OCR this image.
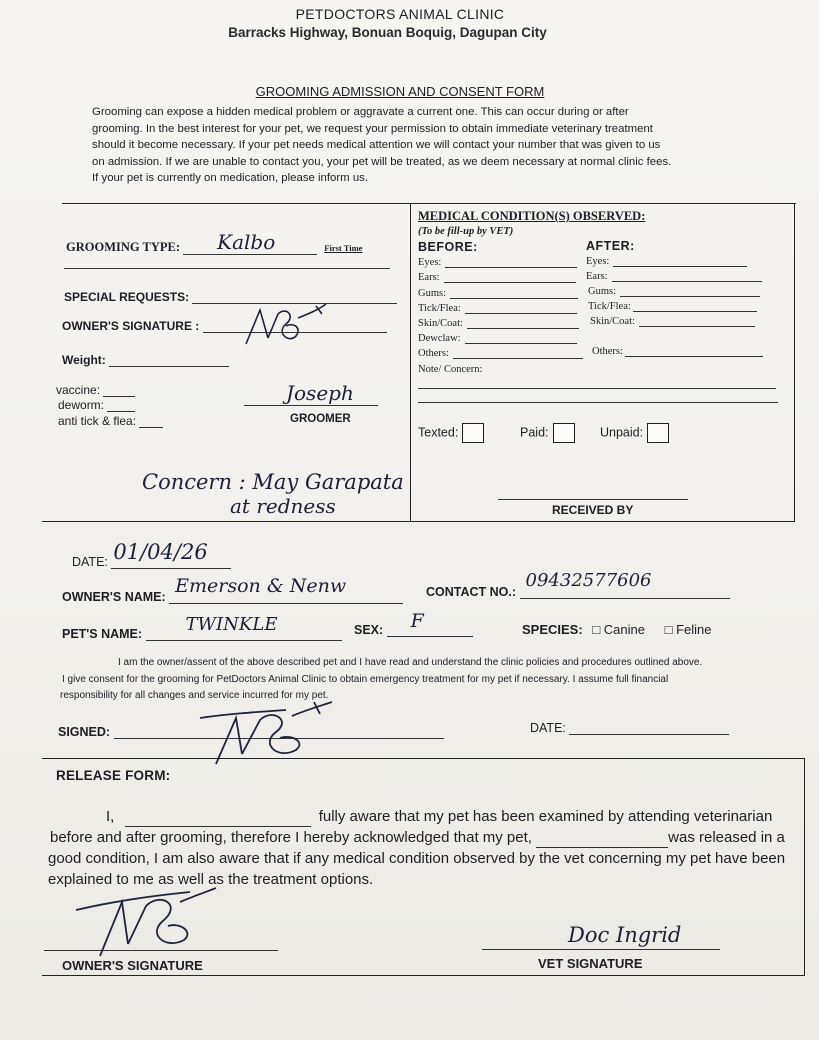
PETDOCTORS ANIMAL CLINIC
Barracks Highway, Bonuan Boquig, Dagupan City
GROOMING ADMISSION AND CONSENT FORM

Grooming can expose a hidden medical problem or aggravate a current one. This can occur during or after

grooming. In the best interest for your pet, we request your permission to obtain immediate veterinary treatment

should it become necessary. If your pet needs medical attention we will contact your number that was given to us

on admission. If we are unable to contact you, your pet will be treated, as we deem necessary at normal clinic fees.

If your pet is currently on medication, please inform us.

GROOMING TYPE: Kalbo	First Time
SPECIAL REQUESTS:
OWNER'S SIGNATURE :
Weight:
vaccine:
deworm:
anti tick & flea:
Joseph
GROOMER
Concern : May Garapata
at redness
MEDICAL CONDITION(S) OBSERVED:
(To be fill-up by VET)
BEFORE:	AFTER:
Eyes:
Ears:
Gums:
Tick/Flea:
Skin/Coat:
Dewclaw:
Others:
Eyes:
Ears:
Gums:
Tick/Flea:
Skin/Coat:
Others:
Note/ Concern:
Texted:	Paid:	Unpaid:
RECEIVED BY
DATE: 01/04/26
OWNER'S NAME: Emerson & Nenw	CONTACT NO.:
09432577606
PET'S NAME: TWINKLE	SEX: F	SPECIES: □ Canine □ Feline
I am the owner/assent of the above described pet and I have read and understand the clinic policies and procedures outlined above.
I give consent for the grooming for PetDoctors Animal Clinic to obtain emergency treatment for my pet if necessary. I assume full financial
responsibility for all changes and service incurred for my pet.
SIGNED:	DATE:
RELEASE FORM:
I,	fully aware that my pet has been examined by attending veterinarian
before and after grooming, therefore I hereby acknowledged that my pet,	was released in a
good condition, I am also aware that if any medical condition observed by the vet concerning my pet have been
explained to me as well as the treatment options.
OWNER'S SIGNATURE
Doc Ingrid
VET SIGNATURE
